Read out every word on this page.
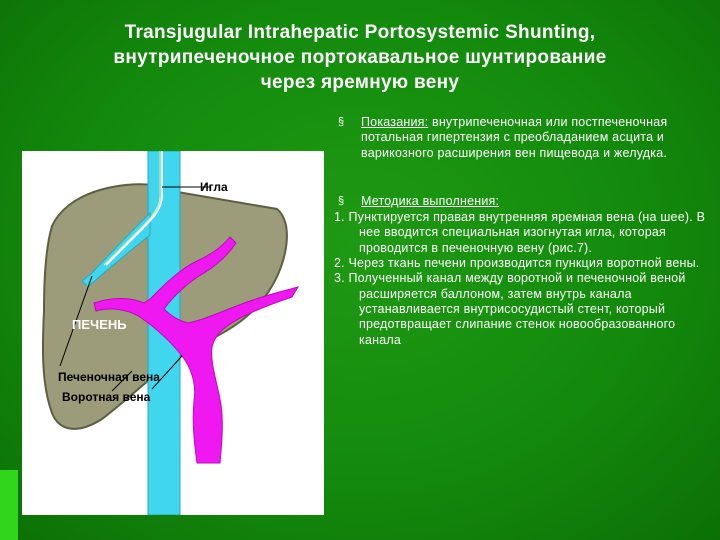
Transjugular Intrahepatic Portosystemic Shunting,
внутрипеченочное портокавальное шунтирование
через яремную вену
Игла
ПЕЧЕНЬ
Печеночная вена
Воротная вена
§ Показания: внутрипеченочная или постпеченочная потальная гипертензия с преобладанием асцита и варикозного расширения вен пищевода и желудка.
§ Методика выполнения:
1. Пунктируется правая внутренняя яремная вена (на шее). В нее вводится специальная изогнутая игла, которая проводится в печеночную вену (рис.7).
2. Через ткань печени производится пункция воротной вены.
3. Полученный канал между воротной и печеночной веной расширяется баллоном, затем внутрь канала устанавливается внутрисосудистый стент, который предотвращает слипание стенок новообразованного канала
